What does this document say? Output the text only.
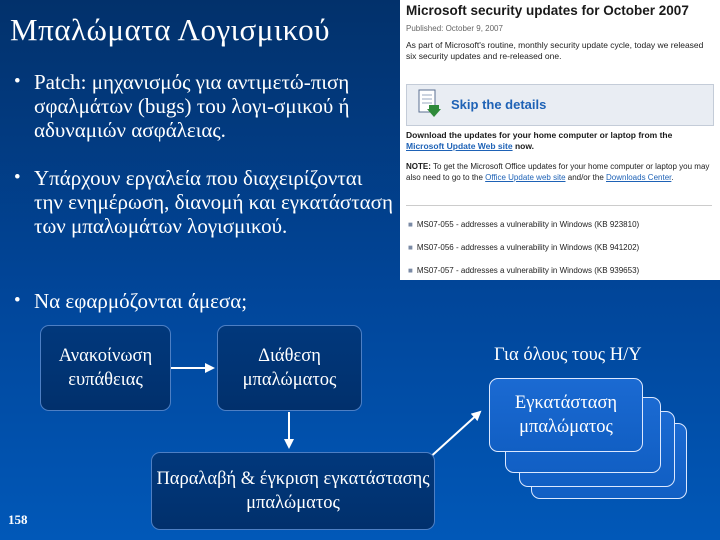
Μπαλώματα Λογισμικού
Microsoft security updates for October 2007
Published: October 9, 2007
As part of Microsoft's routine, monthly security update cycle, today we released six security updates and re-released one.
Skip the details
Download the updates for your home computer or laptop from the Microsoft Update Web site now.
NOTE: To get the Microsoft Office updates for your home computer or laptop you may also need to go to the Office Update web site and/or the Downloads Center.
■ MS07-055 - addresses a vulnerability in Windows (KB 923810)
■ MS07-056 - addresses a vulnerability in Windows (KB 941202)
■ MS07-057 - addresses a vulnerability in Windows (KB 939653)
• Patch: μηχανισμός για αντιμετώ-πιση σφαλμάτων (bugs) του λογι-σμικού ή αδυναμιών ασφάλειας.
• Υπάρχουν εργαλεία που διαχειρίζονται την ενημέρωση, διανομή και εγκατάσταση των μπαλωμάτων λογισμικού.
• Να εφαρμόζονται άμεσα;
Ανακοίνωση ευπάθειας
Διάθεση μπαλώματος
Παραλαβή & έγκριση εγκατάστασης μπαλώματος
Για όλους τους Η/Υ
Εγκατάσταση μπαλώματος
158
